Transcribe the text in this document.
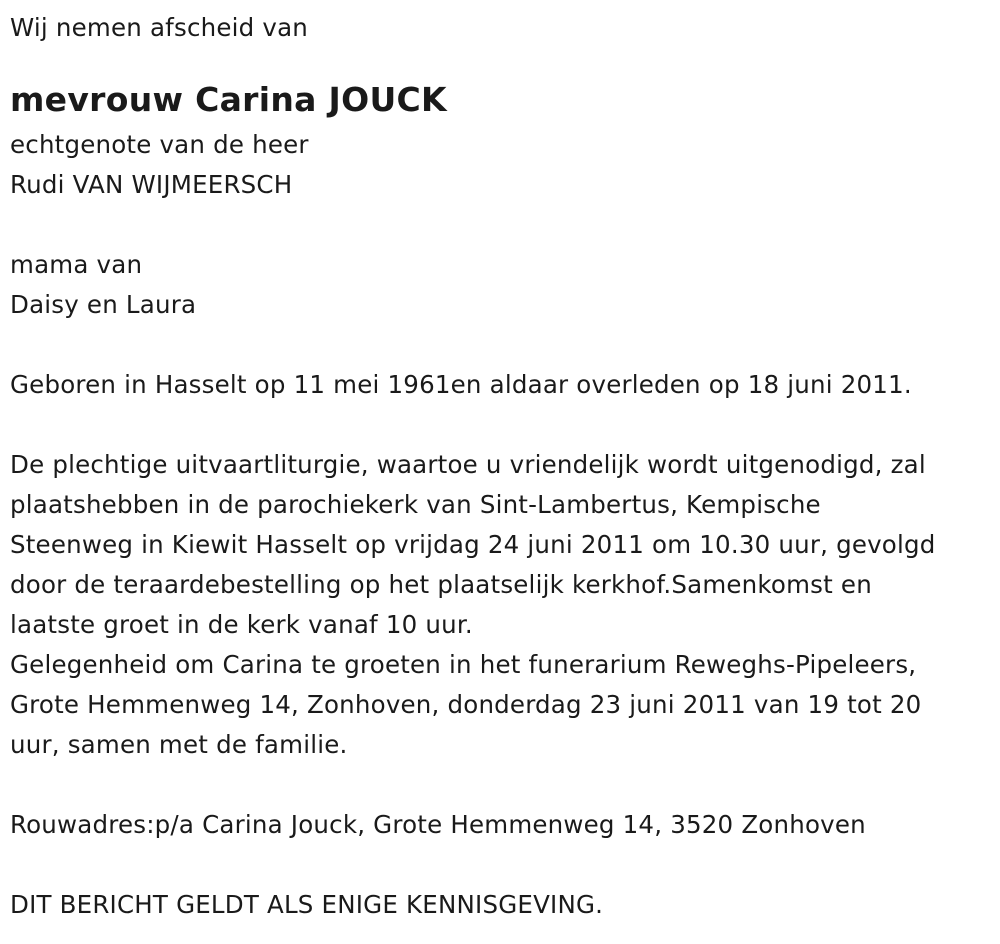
Wij nemen afscheid van
mevrouw Carina JOUCK
echtgenote van de heer
Rudi VAN WIJMEERSCH
mama van
Daisy en Laura
Geboren in Hasselt op 11 mei 1961en aldaar overleden op 18 juni 2011.
De plechtige uitvaartliturgie, waartoe u vriendelijk wordt uitgenodigd, zal
plaatshebben in de parochiekerk van Sint-Lambertus, Kempische
Steenweg in Kiewit Hasselt op vrijdag 24 juni 2011 om 10.30 uur, gevolgd
door de teraardebestelling op het plaatselijk kerkhof.Samenkomst en
laatste groet in de kerk vanaf 10 uur.
Gelegenheid om Carina te groeten in het funerarium Reweghs-Pipeleers,
Grote Hemmenweg 14, Zonhoven, donderdag 23 juni 2011 van 19 tot 20
uur, samen met de familie.
Rouwadres:p/a Carina Jouck, Grote Hemmenweg 14, 3520 Zonhoven
DIT BERICHT GELDT ALS ENIGE KENNISGEVING.
